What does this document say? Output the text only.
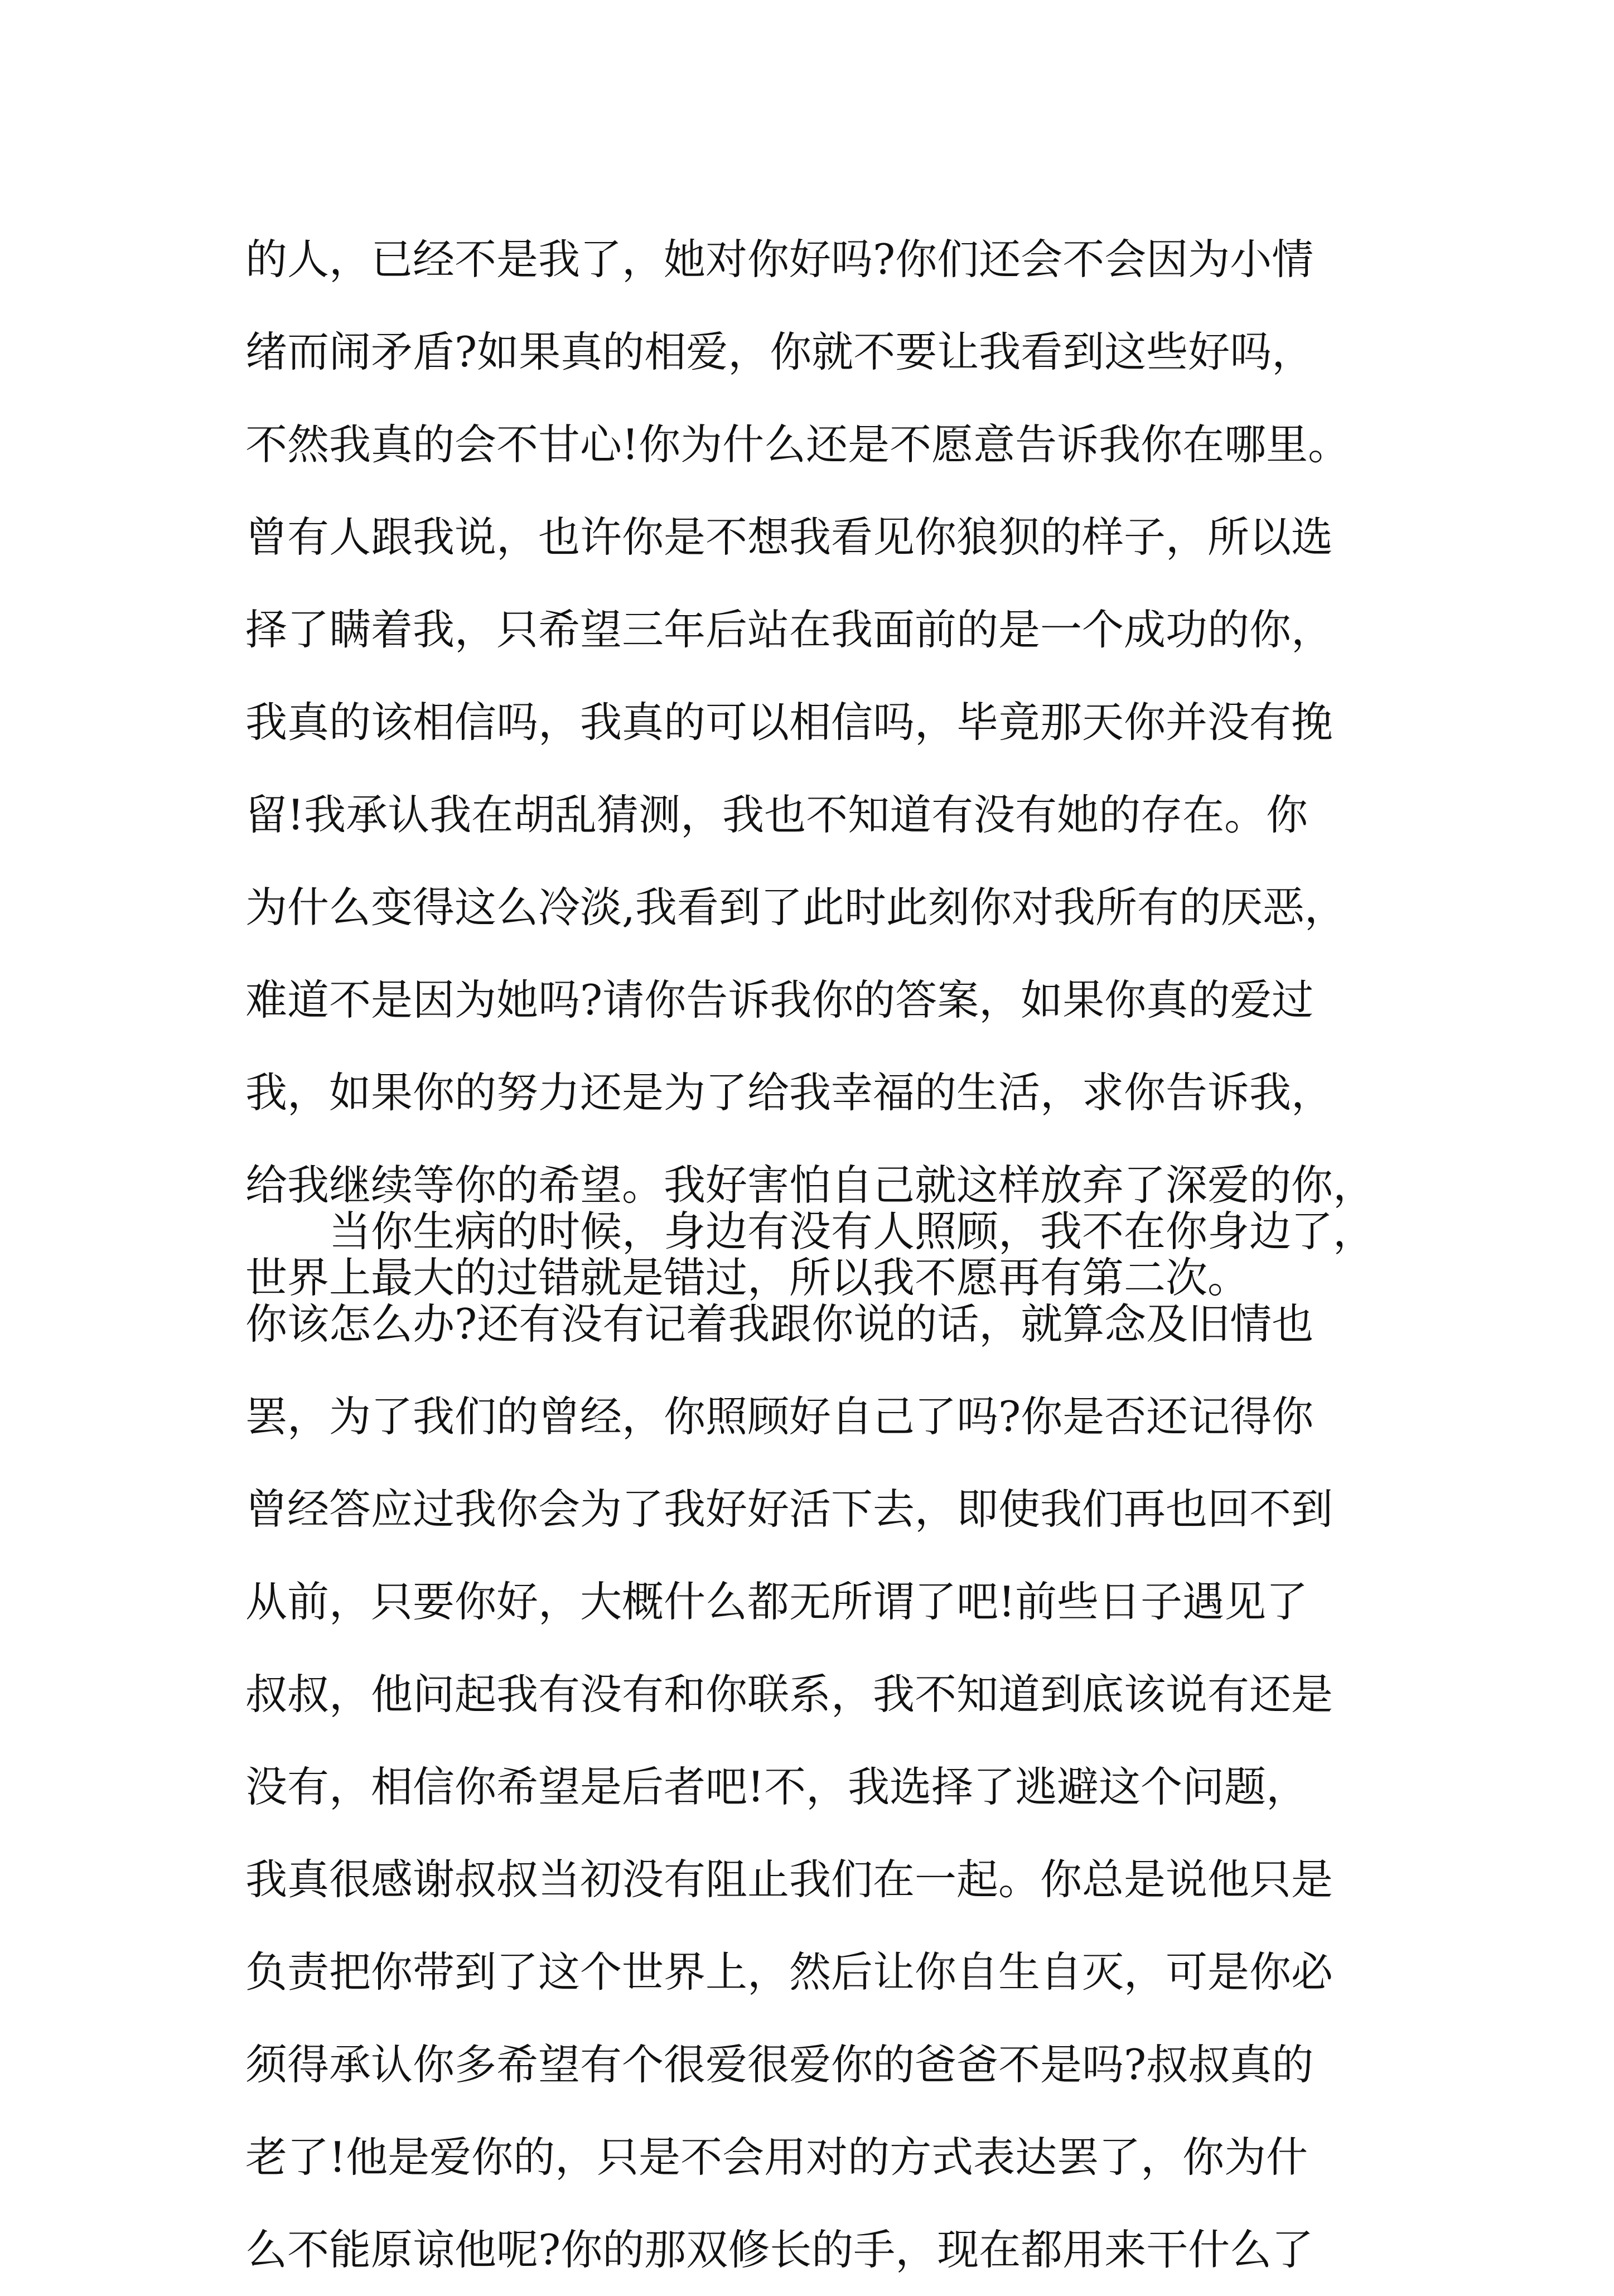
的人，已经不是我了，她对你好吗?你们还会不会因为小情
绪而闹矛盾?如果真的相爱，你就不要让我看到这些好吗，
不然我真的会不甘心!你为什么还是不愿意告诉我你在哪里。
曾有人跟我说，也许你是不想我看见你狼狈的样子，所以选
择了瞒着我，只希望三年后站在我面前的是一个成功的你，
我真的该相信吗，我真的可以相信吗，毕竟那天你并没有挽
留!我承认我在胡乱猜测，我也不知道有没有她的存在。你
为什么变得这么冷淡,我看到了此时此刻你对我所有的厌恶，
难道不是因为她吗?请你告诉我你的答案，如果你真的爱过
我，如果你的努力还是为了给我幸福的生活，求你告诉我，
给我继续等你的希望。我好害怕自己就这样放弃了深爱的你，
世界上最大的过错就是错过，所以我不愿再有第二次。
当你生病的时候，身边有没有人照顾，我不在你身边了，
你该怎么办?还有没有记着我跟你说的话，就算念及旧情也
罢，为了我们的曾经，你照顾好自己了吗?你是否还记得你
曾经答应过我你会为了我好好活下去，即使我们再也回不到
从前，只要你好，大概什么都无所谓了吧!前些日子遇见了
叔叔，他问起我有没有和你联系，我不知道到底该说有还是
没有，相信你希望是后者吧!不，我选择了逃避这个问题，
我真很感谢叔叔当初没有阻止我们在一起。你总是说他只是
负责把你带到了这个世界上，然后让你自生自灭，可是你必
须得承认你多希望有个很爱很爱你的爸爸不是吗?叔叔真的
老了!他是爱你的，只是不会用对的方式表达罢了，你为什
么不能原谅他呢?你的那双修长的手，现在都用来干什么了
